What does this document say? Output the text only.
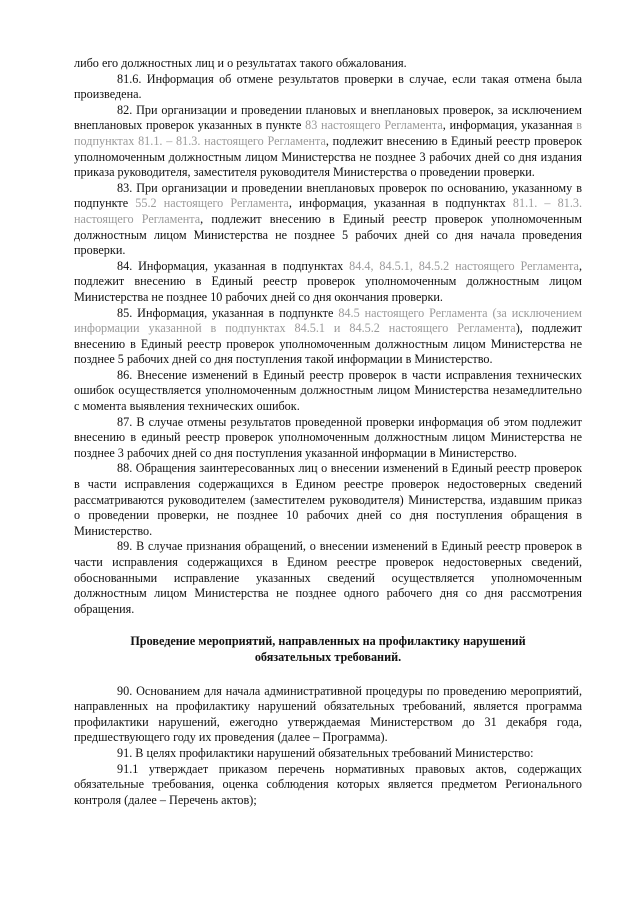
либо его должностных лиц и о результатах такого обжалования.

81.6. Информация об отмене результатов проверки в случае, если такая отмена была произведена.

82. При организации и проведении плановых и внеплановых проверок, за исключением внеплановых проверок указанных в пункте 83 настоящего Регламента, информация, указанная в подпунктах 81.1. – 81.3. настоящего Регламента, подлежит внесению в Единый реестр проверок уполномоченным должностным лицом Министерства не позднее 3 рабочих дней со дня издания приказа руководителя, заместителя руководителя Министерства о проведении проверки.

83. При организации и проведении внеплановых проверок по основанию, указанному в подпункте 55.2 настоящего Регламента, информация, указанная в подпунктах 81.1. – 81.3. настоящего Регламента, подлежит внесению в Единый реестр проверок уполномоченным должностным лицом Министерства не позднее 5 рабочих дней со дня начала проведения проверки.

84. Информация, указанная в подпунктах 84.4, 84.5.1, 84.5.2 настоящего Регламента, подлежит внесению в Единый реестр проверок уполномоченным должностным лицом Министерства не позднее 10 рабочих дней со дня окончания проверки.

85. Информация, указанная в подпункте 84.5 настоящего Регламента (за исключением информации указанной в подпунктах 84.5.1 и 84.5.2 настоящего Регламента), подлежит внесению в Единый реестр проверок уполномоченным должностным лицом Министерства не позднее 5 рабочих дней со дня поступления такой информации в Министерство.

86. Внесение изменений в Единый реестр проверок в части исправления технических ошибок осуществляется уполномоченным должностным лицом Министерства незамедлительно с момента выявления технических ошибок.

87. В случае отмены результатов проведенной проверки информация об этом подлежит внесению в единый реестр проверок уполномоченным должностным лицом Министерства не позднее 3 рабочих дней со дня поступления указанной информации в Министерство.

88. Обращения заинтересованных лиц о внесении изменений в Единый реестр проверок в части исправления содержащихся в Едином реестре проверок недостоверных сведений рассматриваются руководителем (заместителем руководителя) Министерства, издавшим приказ о проведении проверки, не позднее 10 рабочих дней со дня поступления обращения в Министерство.

89. В случае признания обращений, о внесении изменений в Единый реестр проверок в части исправления содержащихся в Едином реестре проверок недостоверных сведений, обоснованными исправление указанных сведений осуществляется уполномоченным должностным лицом Министерства не позднее одного рабочего дня со дня рассмотрения обращения.

Проведение мероприятий, направленных на профилактику нарушений обязательных требований.

90. Основанием для начала административной процедуры по проведению мероприятий, направленных на профилактику нарушений обязательных требований, является программа профилактики нарушений, ежегодно утверждаемая Министерством до 31 декабря года, предшествующего году их проведения (далее – Программа).

91. В целях профилактики нарушений обязательных требований Министерство:

91.1 утверждает приказом перечень нормативных правовых актов, содержащих обязательные требования, оценка соблюдения которых является предметом Регионального контроля (далее – Перечень актов);
